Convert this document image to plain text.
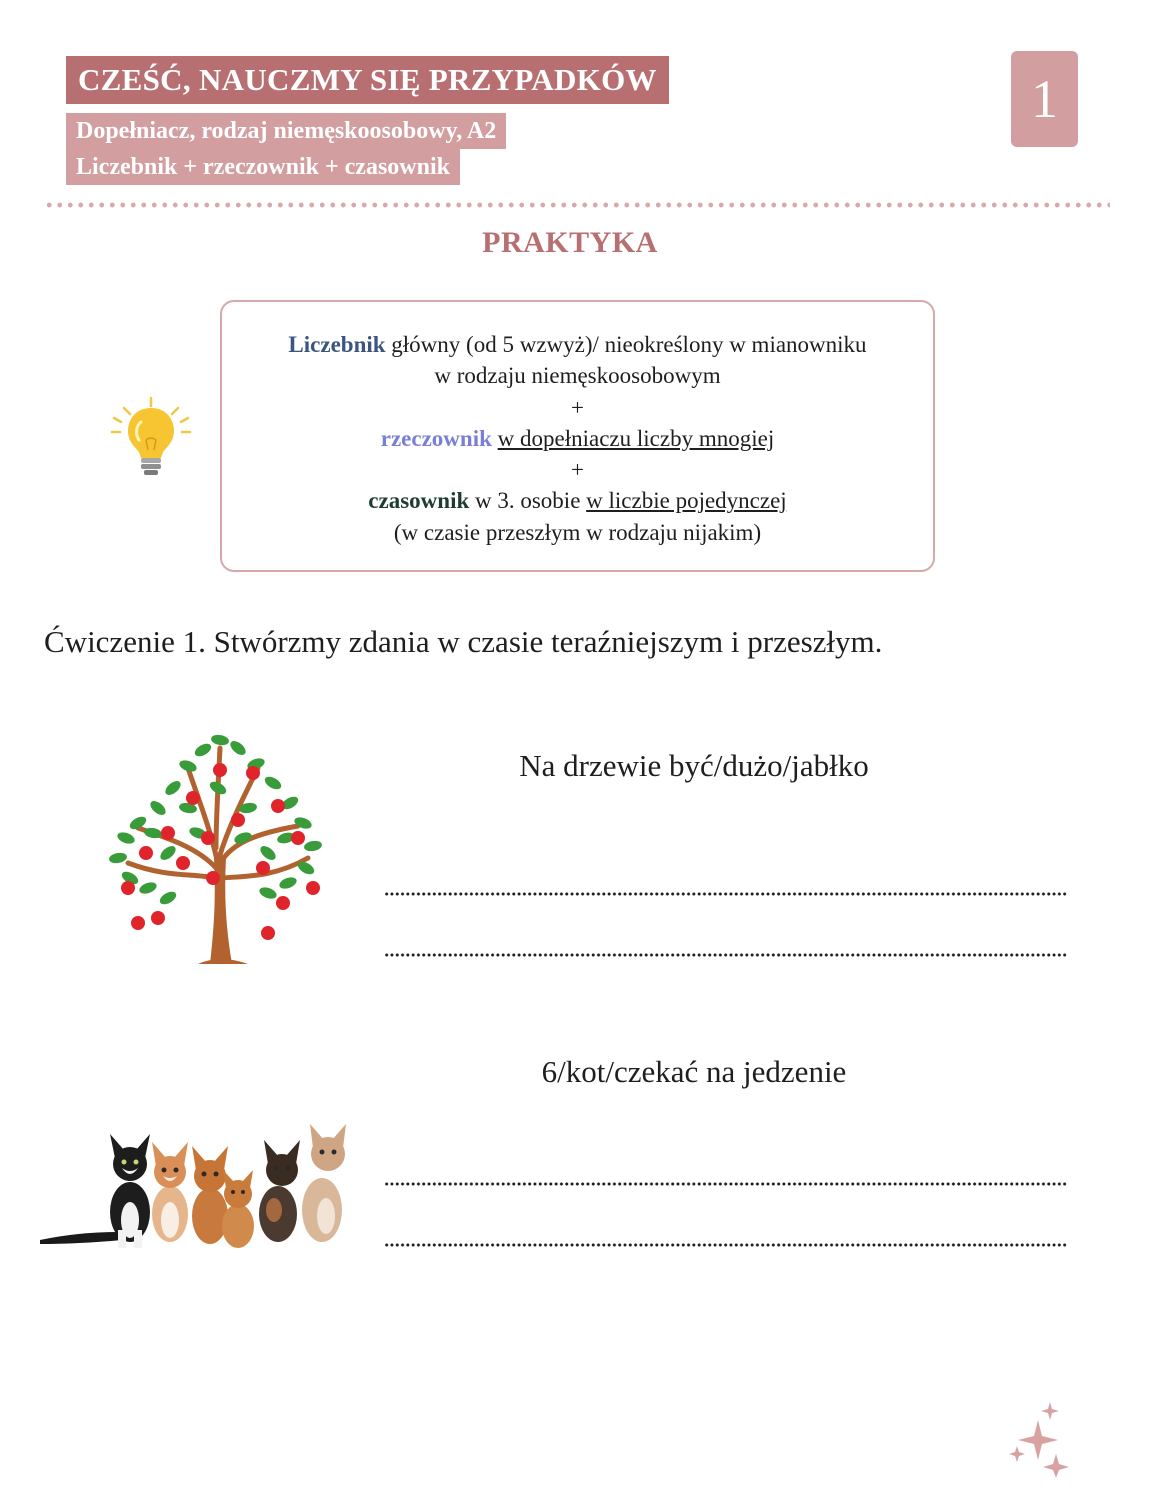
CZEŚĆ, NAUCZMY SIĘ PRZYPADKÓW
Dopełniacz, rodzaj niemęskoosobowy, A2
Liczebnik + rzeczownik + czasownik
1
PRAKTYKA
Liczebnik główny (od 5 wzwyż)/ nieokreślony w mianowniku
w rodzaju niemęskoosobowym
+
rzeczownik w dopełniaczu liczby mnogiej
+
czasownik w 3. osobie w liczbie pojedynczej
(w czasie przeszłym w rodzaju nijakim)
Ćwiczenie 1. Stwórzmy zdania w czasie teraźniejszym i przeszłym.
Na drzewie być/dużo/jabłko
6/kot/czekać na jedzenie
